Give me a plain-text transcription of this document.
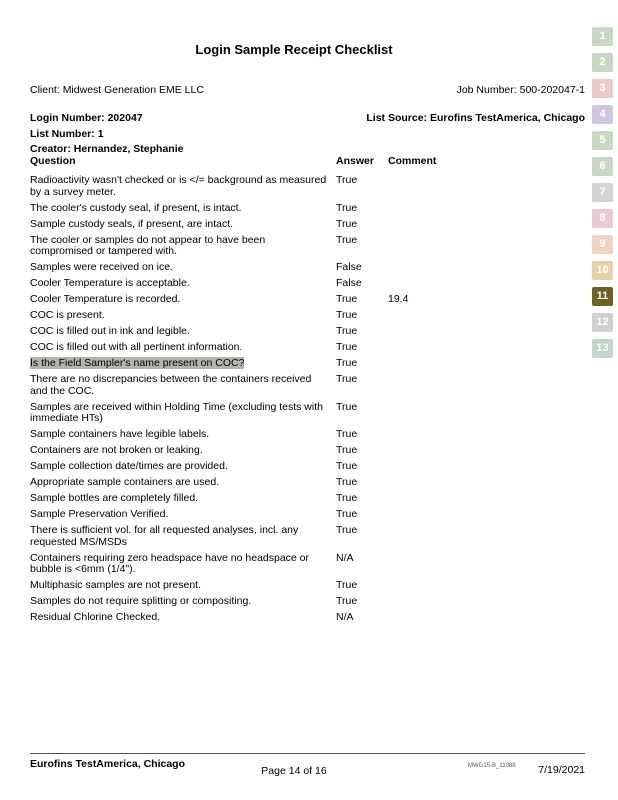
Login Sample Receipt Checklist
Client: Midwest Generation EME LLC	Job Number: 500-202047-1
Login Number: 202047	List Source: Eurofins TestAmerica, Chicago
List Number: 1
Creator: Hernandez, Stephanie
Question	Answer	Comment
Radioactivity wasn't checked or is </= background as measured by a survey meter.	True	
The cooler's custody seal, if present, is intact.	True	
Sample custody seals, if present, are intact.	True	
The cooler or samples do not appear to have been compromised or tampered with.	True	
Samples were received on ice.	False	
Cooler Temperature is acceptable.	False	
Cooler Temperature is recorded.	True	19.4
COC is present.	True	
COC is filled out in ink and legible.	True	
COC is filled out with all pertinent information.	True	
Is the Field Sampler's name present on COC?	True	
There are no discrepancies between the containers received and the COC.	True	
Samples are received within Holding Time (excluding tests with immediate HTs)	True	
Sample containers have legible labels.	True	
Containers are not broken or leaking.	True	
Sample collection date/times are provided.	True	
Appropriate sample containers are used.	True	
Sample bottles are completely filled.	True	
Sample Preservation Verified.	True	
There is sufficient vol. for all requested analyses, incl. any requested MS/MSDs	True	
Containers requiring zero headspace have no headspace or bubble is <6mm (1/4").	N/A	
Multiphasic samples are not present.	True	
Samples do not require splitting or compositing.	True	
Residual Chlorine Checked.	N/A	
1
2
3
4
5
6
7
8
9
10
11
12
13
Eurofins TestAmerica, Chicago
Page 14 of 16	MWG15-B_11088 7/19/2021
